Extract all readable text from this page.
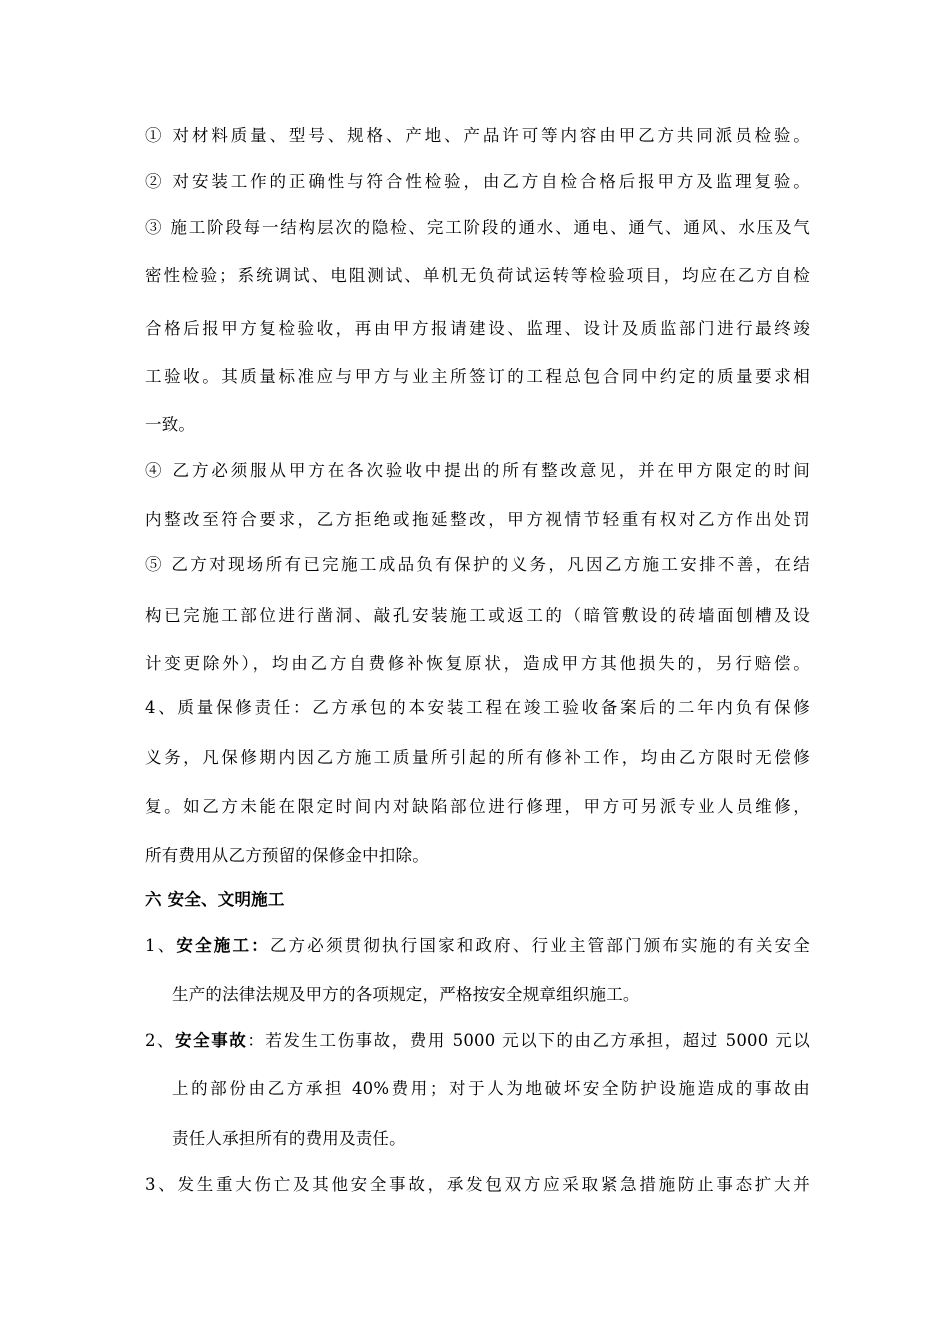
① 对材料质量、型号、规格、产地、产品许可等内容由甲乙方共同派员检验。
② 对安装工作的正确性与符合性检验，由乙方自检合格后报甲方及监理复验。
③ 施工阶段每一结构层次的隐检、完工阶段的通水、通电、通气、通风、水压及气
密性检验；系统调试、电阻测试、单机无负荷试运转等检验项目，均应在乙方自检
合格后报甲方复检验收，再由甲方报请建设、监理、设计及质监部门进行最终竣
工验收。其质量标准应与甲方与业主所签订的工程总包合同中约定的质量要求相
一致。
④ 乙方必须服从甲方在各次验收中提出的所有整改意见，并在甲方限定的时间
内整改至符合要求，乙方拒绝或拖延整改，甲方视情节轻重有权对乙方作出处罚
⑤ 乙方对现场所有已完施工成品负有保护的义务，凡因乙方施工安排不善，在结
构已完施工部位进行凿洞、敲孔安装施工或返工的（暗管敷设的砖墙面刨槽及设
计变更除外），均由乙方自费修补恢复原状，造成甲方其他损失的，另行赔偿。
4、质量保修责任：乙方承包的本安装工程在竣工验收备案后的二年内负有保修
义务，凡保修期内因乙方施工质量所引起的所有修补工作，均由乙方限时无偿修
复。如乙方未能在限定时间内对缺陷部位进行修理，甲方可另派专业人员维修，
所有费用从乙方预留的保修金中扣除。
六 安全、文明施工
1、安全施工：乙方必须贯彻执行国家和政府、行业主管部门颁布实施的有关安全
生产的法律法规及甲方的各项规定，严格按安全规章组织施工。
2、安全事故：若发生工伤事故，费用 5000 元以下的由乙方承担，超过 5000 元以
上的部份由乙方承担 40%费用；对于人为地破坏安全防护设施造成的事故由
责任人承担所有的费用及责任。
3、发生重大伤亡及其他安全事故，承发包双方应采取紧急措施防止事态扩大并
